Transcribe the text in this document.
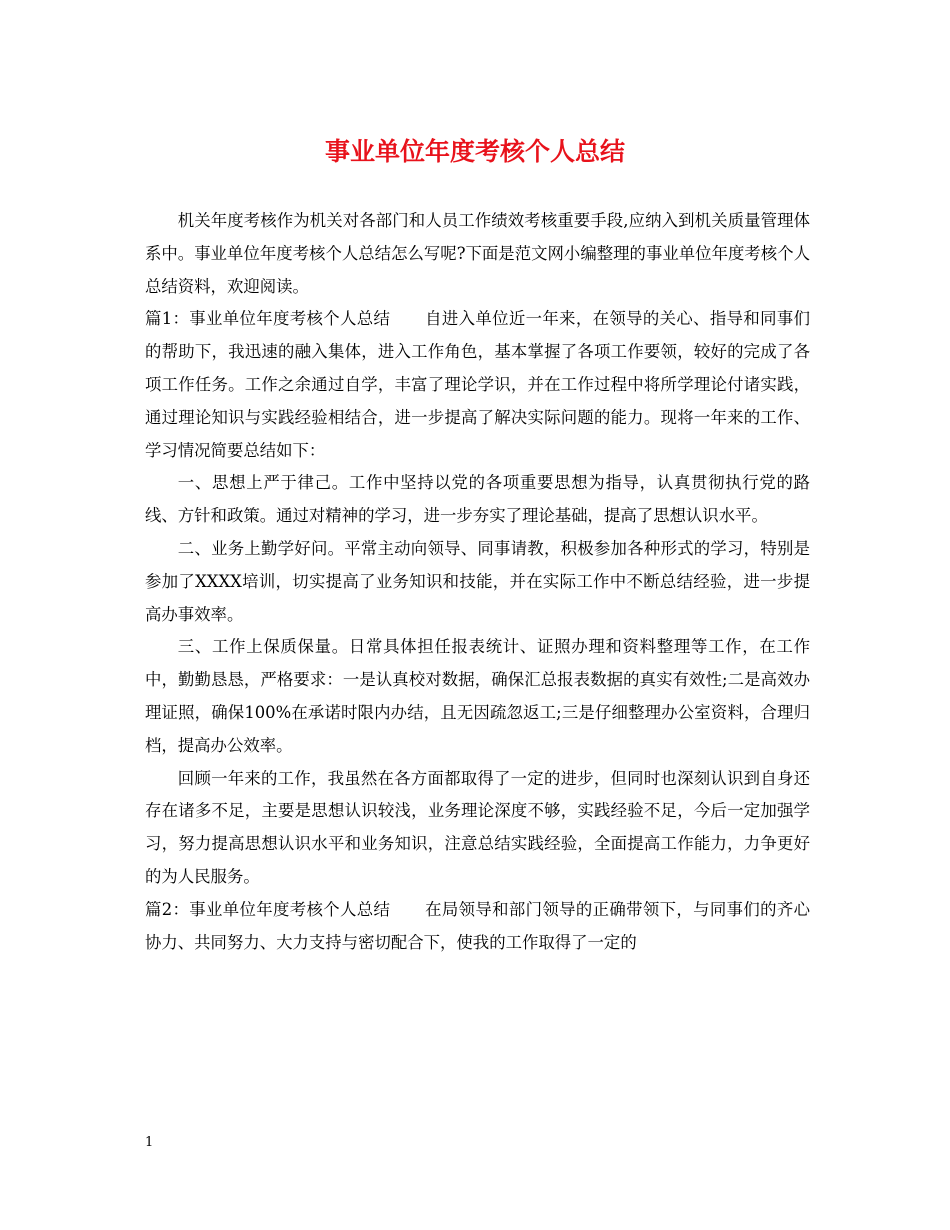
事业单位年度考核个人总结

机关年度考核作为机关对各部门和人员工作绩效考核重要手段,应纳入到机关质量管理体系中。事业单位年度考核个人总结怎么写呢?下面是范文网小编整理的事业单位年度考核个人总结资料，欢迎阅读。

篇1：事业单位年度考核个人总结 自进入单位近一年来，在领导的关心、指导和同事们的帮助下，我迅速的融入集体，进入工作角色，基本掌握了各项工作要领，较好的完成了各项工作任务。工作之余通过自学，丰富了理论学识，并在工作过程中将所学理论付诸实践，通过理论知识与实践经验相结合，进一步提高了解决实际问题的能力。现将一年来的工作、学习情况简要总结如下：

一、思想上严于律己。工作中坚持以党的各项重要思想为指导，认真贯彻执行党的路线、方针和政策。通过对精神的学习，进一步夯实了理论基础，提高了思想认识水平。

二、业务上勤学好问。平常主动向领导、同事请教，积极参加各种形式的学习，特别是参加了XXXX培训，切实提高了业务知识和技能，并在实际工作中不断总结经验，进一步提高办事效率。

三、工作上保质保量。日常具体担任报表统计、证照办理和资料整理等工作，在工作中，勤勤恳恳，严格要求：一是认真校对数据，确保汇总报表数据的真实有效性;二是高效办理证照，确保100%在承诺时限内办结，且无因疏忽返工;三是仔细整理办公室资料，合理归档，提高办公效率。

回顾一年来的工作，我虽然在各方面都取得了一定的进步，但同时也深刻认识到自身还存在诸多不足，主要是思想认识较浅，业务理论深度不够，实践经验不足，今后一定加强学习，努力提高思想认识水平和业务知识，注意总结实践经验，全面提高工作能力，力争更好的为人民服务。

篇2：事业单位年度考核个人总结 在局领导和部门领导的正确带领下，与同事们的齐心协力、共同努力、大力支持与密切配合下，使我的工作取得了一定的

1
